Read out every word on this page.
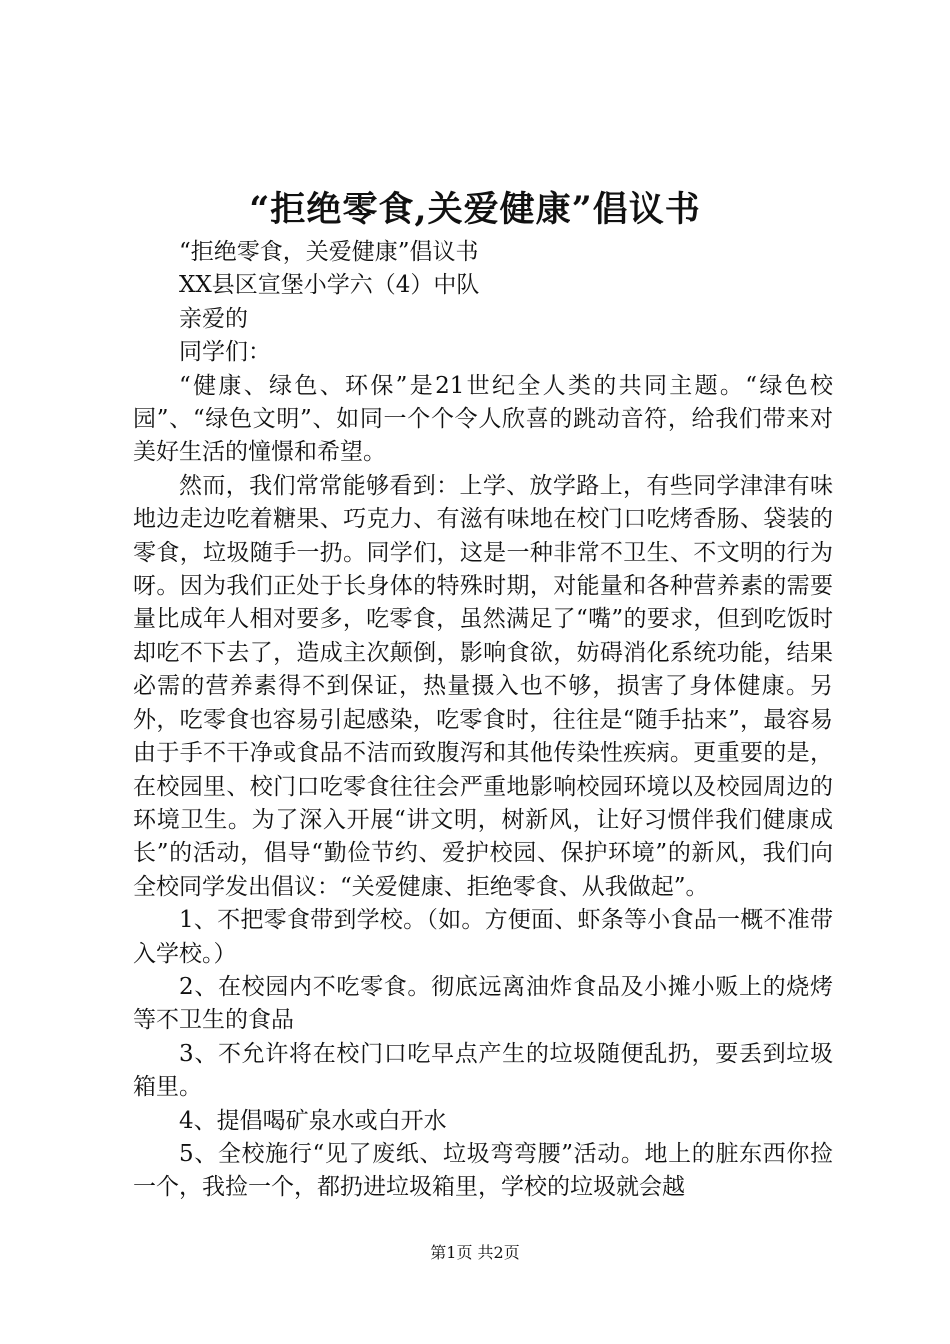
“拒绝零食,关爱健康”倡议书

“拒绝零食，关爱健康”倡议书

XX县区宣堡小学六（4）中队

亲爱的

同学们：

“健康、绿色、环保”是21世纪全人类的共同主题。“绿色校园”、“绿色文明”、如同一个个令人欣喜的跳动音符，给我们带来对美好生活的憧憬和希望。

然而，我们常常能够看到：上学、放学路上，有些同学津津有味地边走边吃着糖果、巧克力、有滋有味地在校门口吃烤香肠、袋装的零食，垃圾随手一扔。同学们，这是一种非常不卫生、不文明的行为呀。因为我们正处于长身体的特殊时期，对能量和各种营养素的需要量比成年人相对要多，吃零食，虽然满足了“嘴”的要求，但到吃饭时却吃不下去了，造成主次颠倒，影响食欲，妨碍消化系统功能，结果必需的营养素得不到保证，热量摄入也不够，损害了身体健康。另外，吃零食也容易引起感染，吃零食时，往往是“随手拈来”，最容易由于手不干净或食品不洁而致腹泻和其他传染性疾病。更重要的是，在校园里、校门口吃零食往往会严重地影响校园环境以及校园周边的环境卫生。为了深入开展“讲文明，树新风，让好习惯伴我们健康成长”的活动，倡导“勤俭节约、爱护校园、保护环境”的新风，我们向全校同学发出倡议：“关爱健康、拒绝零食、从我做起”。

1、不把零食带到学校。（如。方便面、虾条等小食品一概不准带入学校。）

2、在校园内不吃零食。彻底远离油炸食品及小摊小贩上的烧烤等不卫生的食品

3、不允许将在校门口吃早点产生的垃圾随便乱扔，要丢到垃圾箱里。

4、提倡喝矿泉水或白开水

5、全校施行“见了废纸、垃圾弯弯腰”活动。地上的脏东西你捡一个，我捡一个，都扔进垃圾箱里，学校的垃圾就会越

第1页 共2页
